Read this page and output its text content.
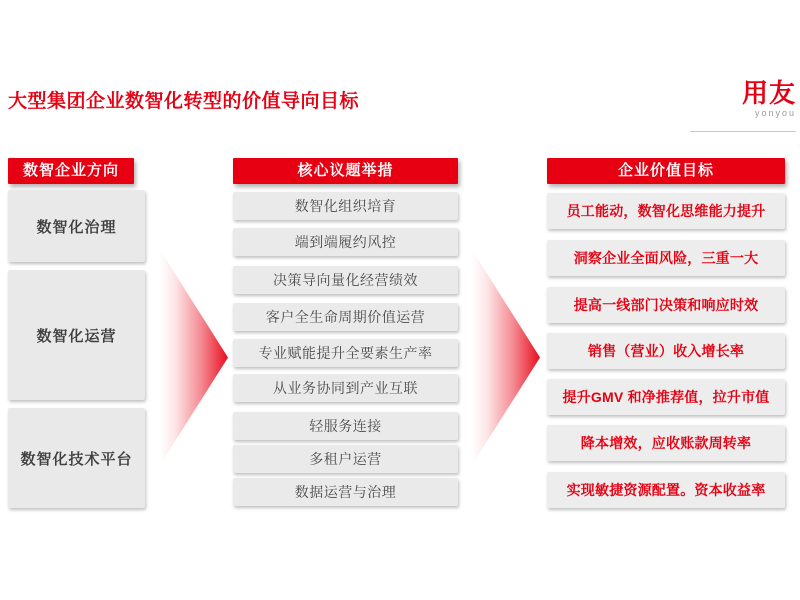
大型集团企业数智化转型的价值导向目标	用友
yonyou
数智企业方向
数智化治理
数智化运营
数智化技术平台
核心议题举措
数智化组织培育
端到端履约风控
决策导向量化经营绩效
客户全生命周期价值运营
专业赋能提升全要素生产率
从业务协同到产业互联
轻服务连接
多租户运营
数据运营与治理
企业价值目标
员工能动，数智化思维能力提升
洞察企业全面风险，三重一大
提高一线部门决策和响应时效
销售（营业）收入增长率
提升GMV 和净推荐值，拉升市值
降本增效，应收账款周转率
实现敏捷资源配置。资本收益率
